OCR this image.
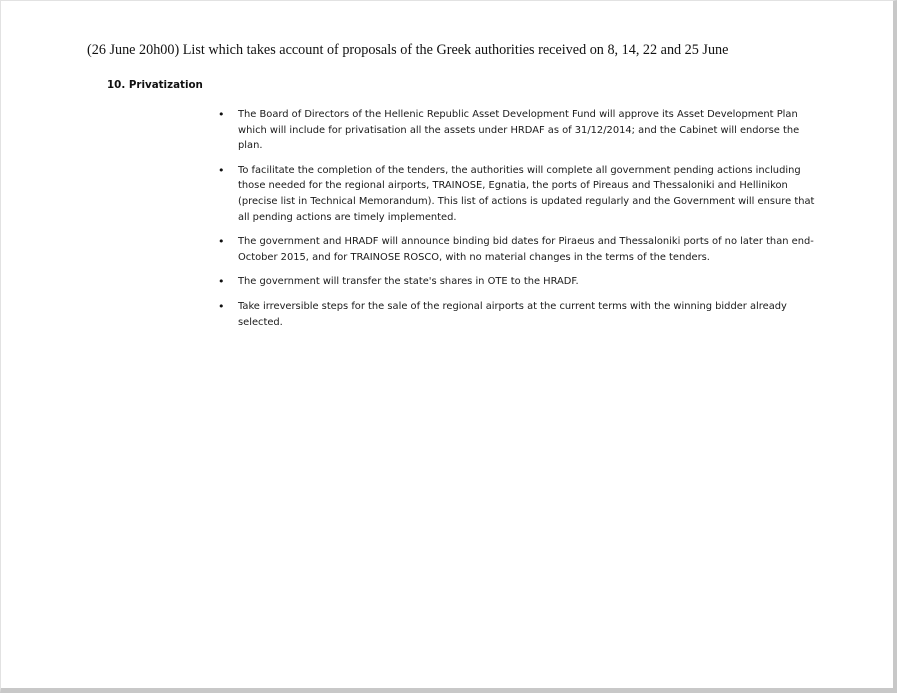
(26 June 20h00) List which takes account of proposals of the Greek authorities received on 8, 14, 22 and 25 June
10. Privatization
• The Board of Directors of the Hellenic Republic Asset Development Fund will approve its Asset Development Plan which will include for privatisation all the assets under HRDAF as of 31/12/2014; and the Cabinet will endorse the plan.
• To facilitate the completion of the tenders, the authorities will complete all government pending actions including those needed for the regional airports, TRAINOSE, Egnatia, the ports of Pireaus and Thessaloniki and Hellinikon (precise list in Technical Memorandum). This list of actions is updated regularly and the Government will ensure that all pending actions are timely implemented.
• The government and HRADF will announce binding bid dates for Piraeus and Thessaloniki ports of no later than end-October 2015, and for TRAINOSE ROSCO, with no material changes in the terms of the tenders.
• The government will transfer the state's shares in OTE to the HRADF.
• Take irreversible steps for the sale of the regional airports at the current terms with the winning bidder already selected.
